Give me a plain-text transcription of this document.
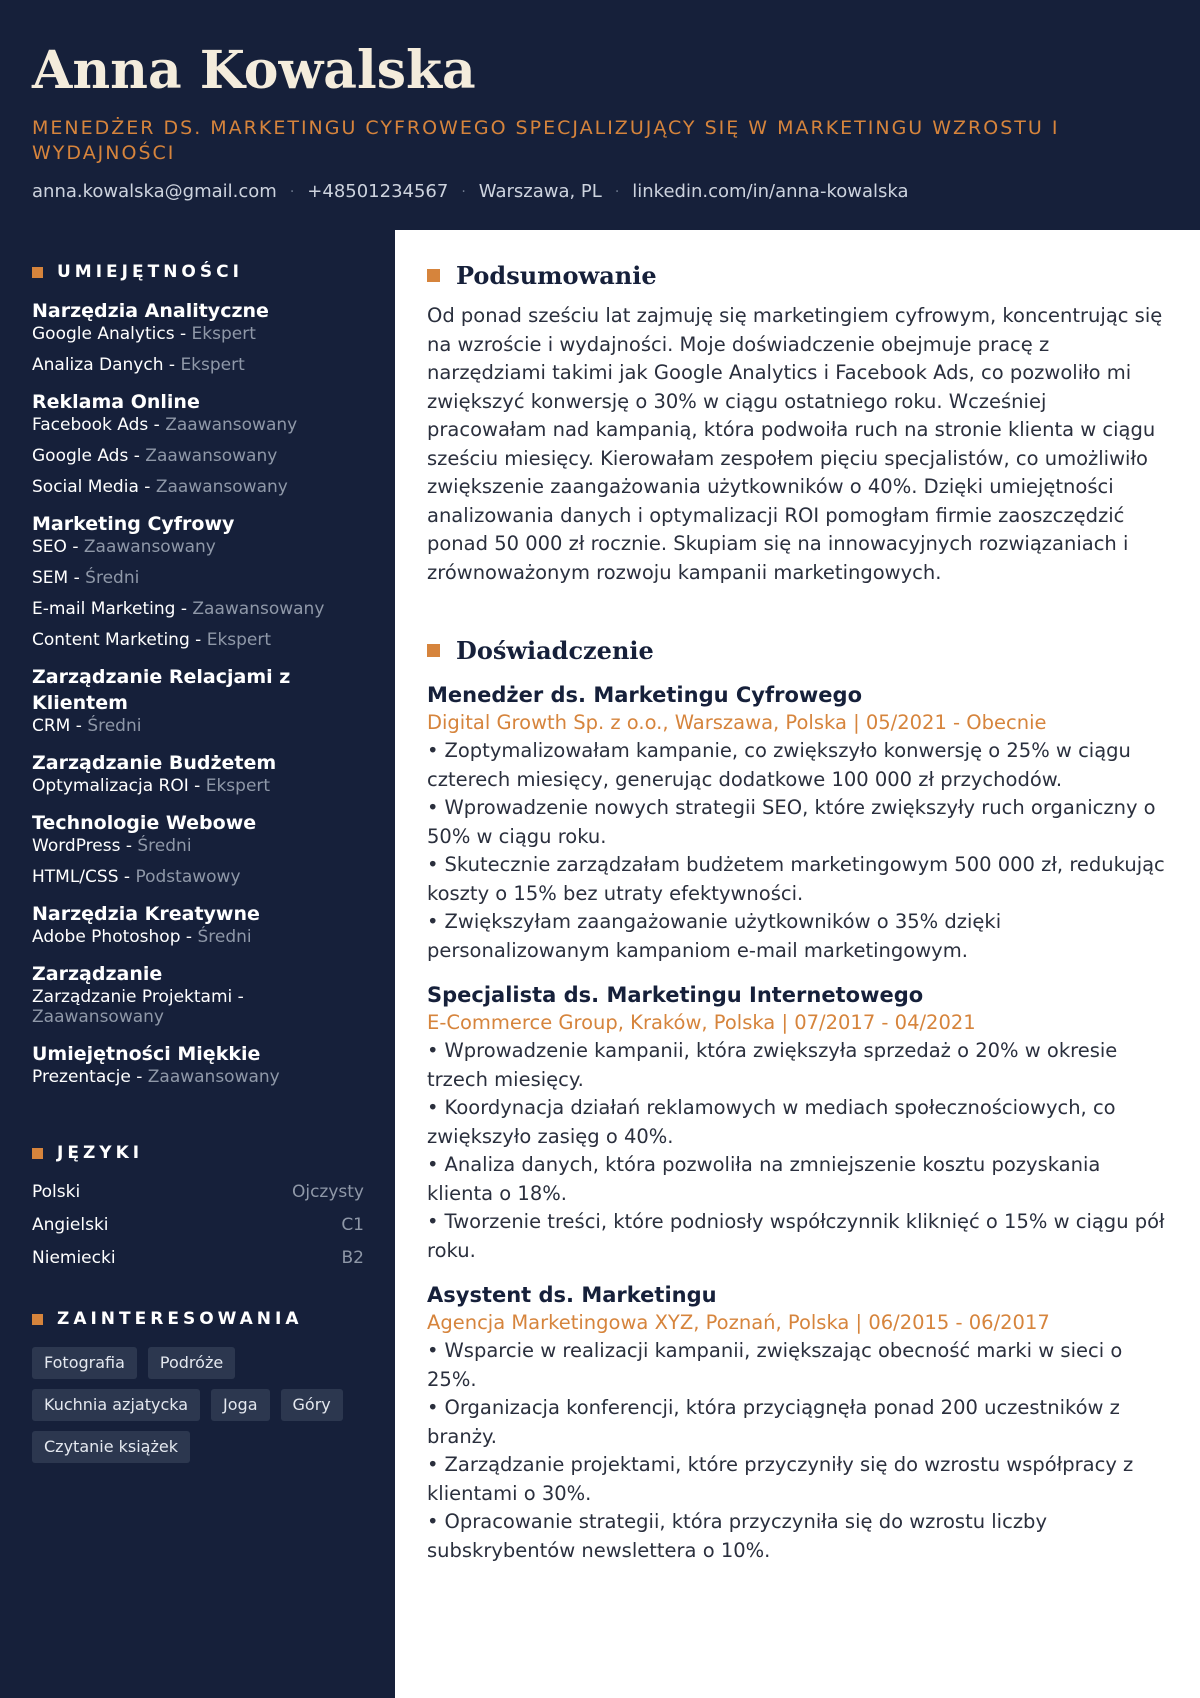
Anna Kowalska
MENEDŻER DS. MARKETINGU CYFROWEGO SPECJALIZUJĄCY SIĘ W MARKETINGU WZROSTU I WYDAJNOŚCI
anna.kowalska@gmail.com · +48501234567 · Warszawa, PL · linkedin.com/in/anna-kowalska
UMIEJĘTNOŚCI
Narzędzia Analityczne
Google Analytics - Ekspert
Analiza Danych - Ekspert
Reklama Online
Facebook Ads - Zaawansowany
Google Ads - Zaawansowany
Social Media - Zaawansowany
Marketing Cyfrowy
SEO - Zaawansowany
SEM - Średni
E-mail Marketing - Zaawansowany
Content Marketing - Ekspert
Zarządzanie Relacjami z Klientem
CRM - Średni
Zarządzanie Budżetem
Optymalizacja ROI - Ekspert
Technologie Webowe
WordPress - Średni
HTML/CSS - Podstawowy
Narzędzia Kreatywne
Adobe Photoshop - Średni
Zarządzanie
Zarządzanie Projektami - Zaawansowany
Umiejętności Miękkie
Prezentacje - Zaawansowany
JĘZYKI
Polski	Ojczysty
Angielski	C1
Niemiecki	B2
ZAINTERESOWANIA
Fotografia	Podróże
Kuchnia azjatycka	Joga	Góry
Czytanie książek
Podsumowanie

Od ponad sześciu lat zajmuję się marketingiem cyfrowym, koncentrując się na wzroście i wydajności. Moje doświadczenie obejmuje pracę z narzędziami takimi jak Google Analytics i Facebook Ads, co pozwoliło mi zwiększyć konwersję o 30% w ciągu ostatniego roku. Wcześniej pracowałam nad kampanią, która podwoiła ruch na stronie klienta w ciągu sześciu miesięcy. Kierowałam zespołem pięciu specjalistów, co umożliwiło zwiększenie zaangażowania użytkowników o 40%. Dzięki umiejętności analizowania danych i optymalizacji ROI pomogłam firmie zaoszczędzić ponad 50 000 zł rocznie. Skupiam się na innowacyjnych rozwiązaniach i zrównoważonym rozwoju kampanii marketingowych.

Doświadczenie
Menedżer ds. Marketingu Cyfrowego
Digital Growth Sp. z o.o., Warszawa, Polska | 05/2021 - Obecnie
• Zoptymalizowałam kampanie, co zwiększyło konwersję o 25% w ciągu czterech miesięcy, generując dodatkowe 100 000 zł przychodów.
• Wprowadzenie nowych strategii SEO, które zwiększyły ruch organiczny o 50% w ciągu roku.
• Skutecznie zarządzałam budżetem marketingowym 500 000 zł, redukując koszty o 15% bez utraty efektywności.
• Zwiększyłam zaangażowanie użytkowników o 35% dzięki personalizowanym kampaniom e-mail marketingowym.
Specjalista ds. Marketingu Internetowego
E-Commerce Group, Kraków, Polska | 07/2017 - 04/2021
• Wprowadzenie kampanii, która zwiększyła sprzedaż o 20% w okresie trzech miesięcy.
• Koordynacja działań reklamowych w mediach społecznościowych, co zwiększyło zasięg o 40%.
• Analiza danych, która pozwoliła na zmniejszenie kosztu pozyskania klienta o 18%.
• Tworzenie treści, które podniosły współczynnik kliknięć o 15% w ciągu pół roku.
Asystent ds. Marketingu
Agencja Marketingowa XYZ, Poznań, Polska | 06/2015 - 06/2017
• Wsparcie w realizacji kampanii, zwiększając obecność marki w sieci o 25%.
• Organizacja konferencji, która przyciągnęła ponad 200 uczestników z branży.
• Zarządzanie projektami, które przyczyniły się do wzrostu współpracy z klientami o 30%.
• Opracowanie strategii, która przyczyniła się do wzrostu liczby subskrybentów newslettera o 10%.
